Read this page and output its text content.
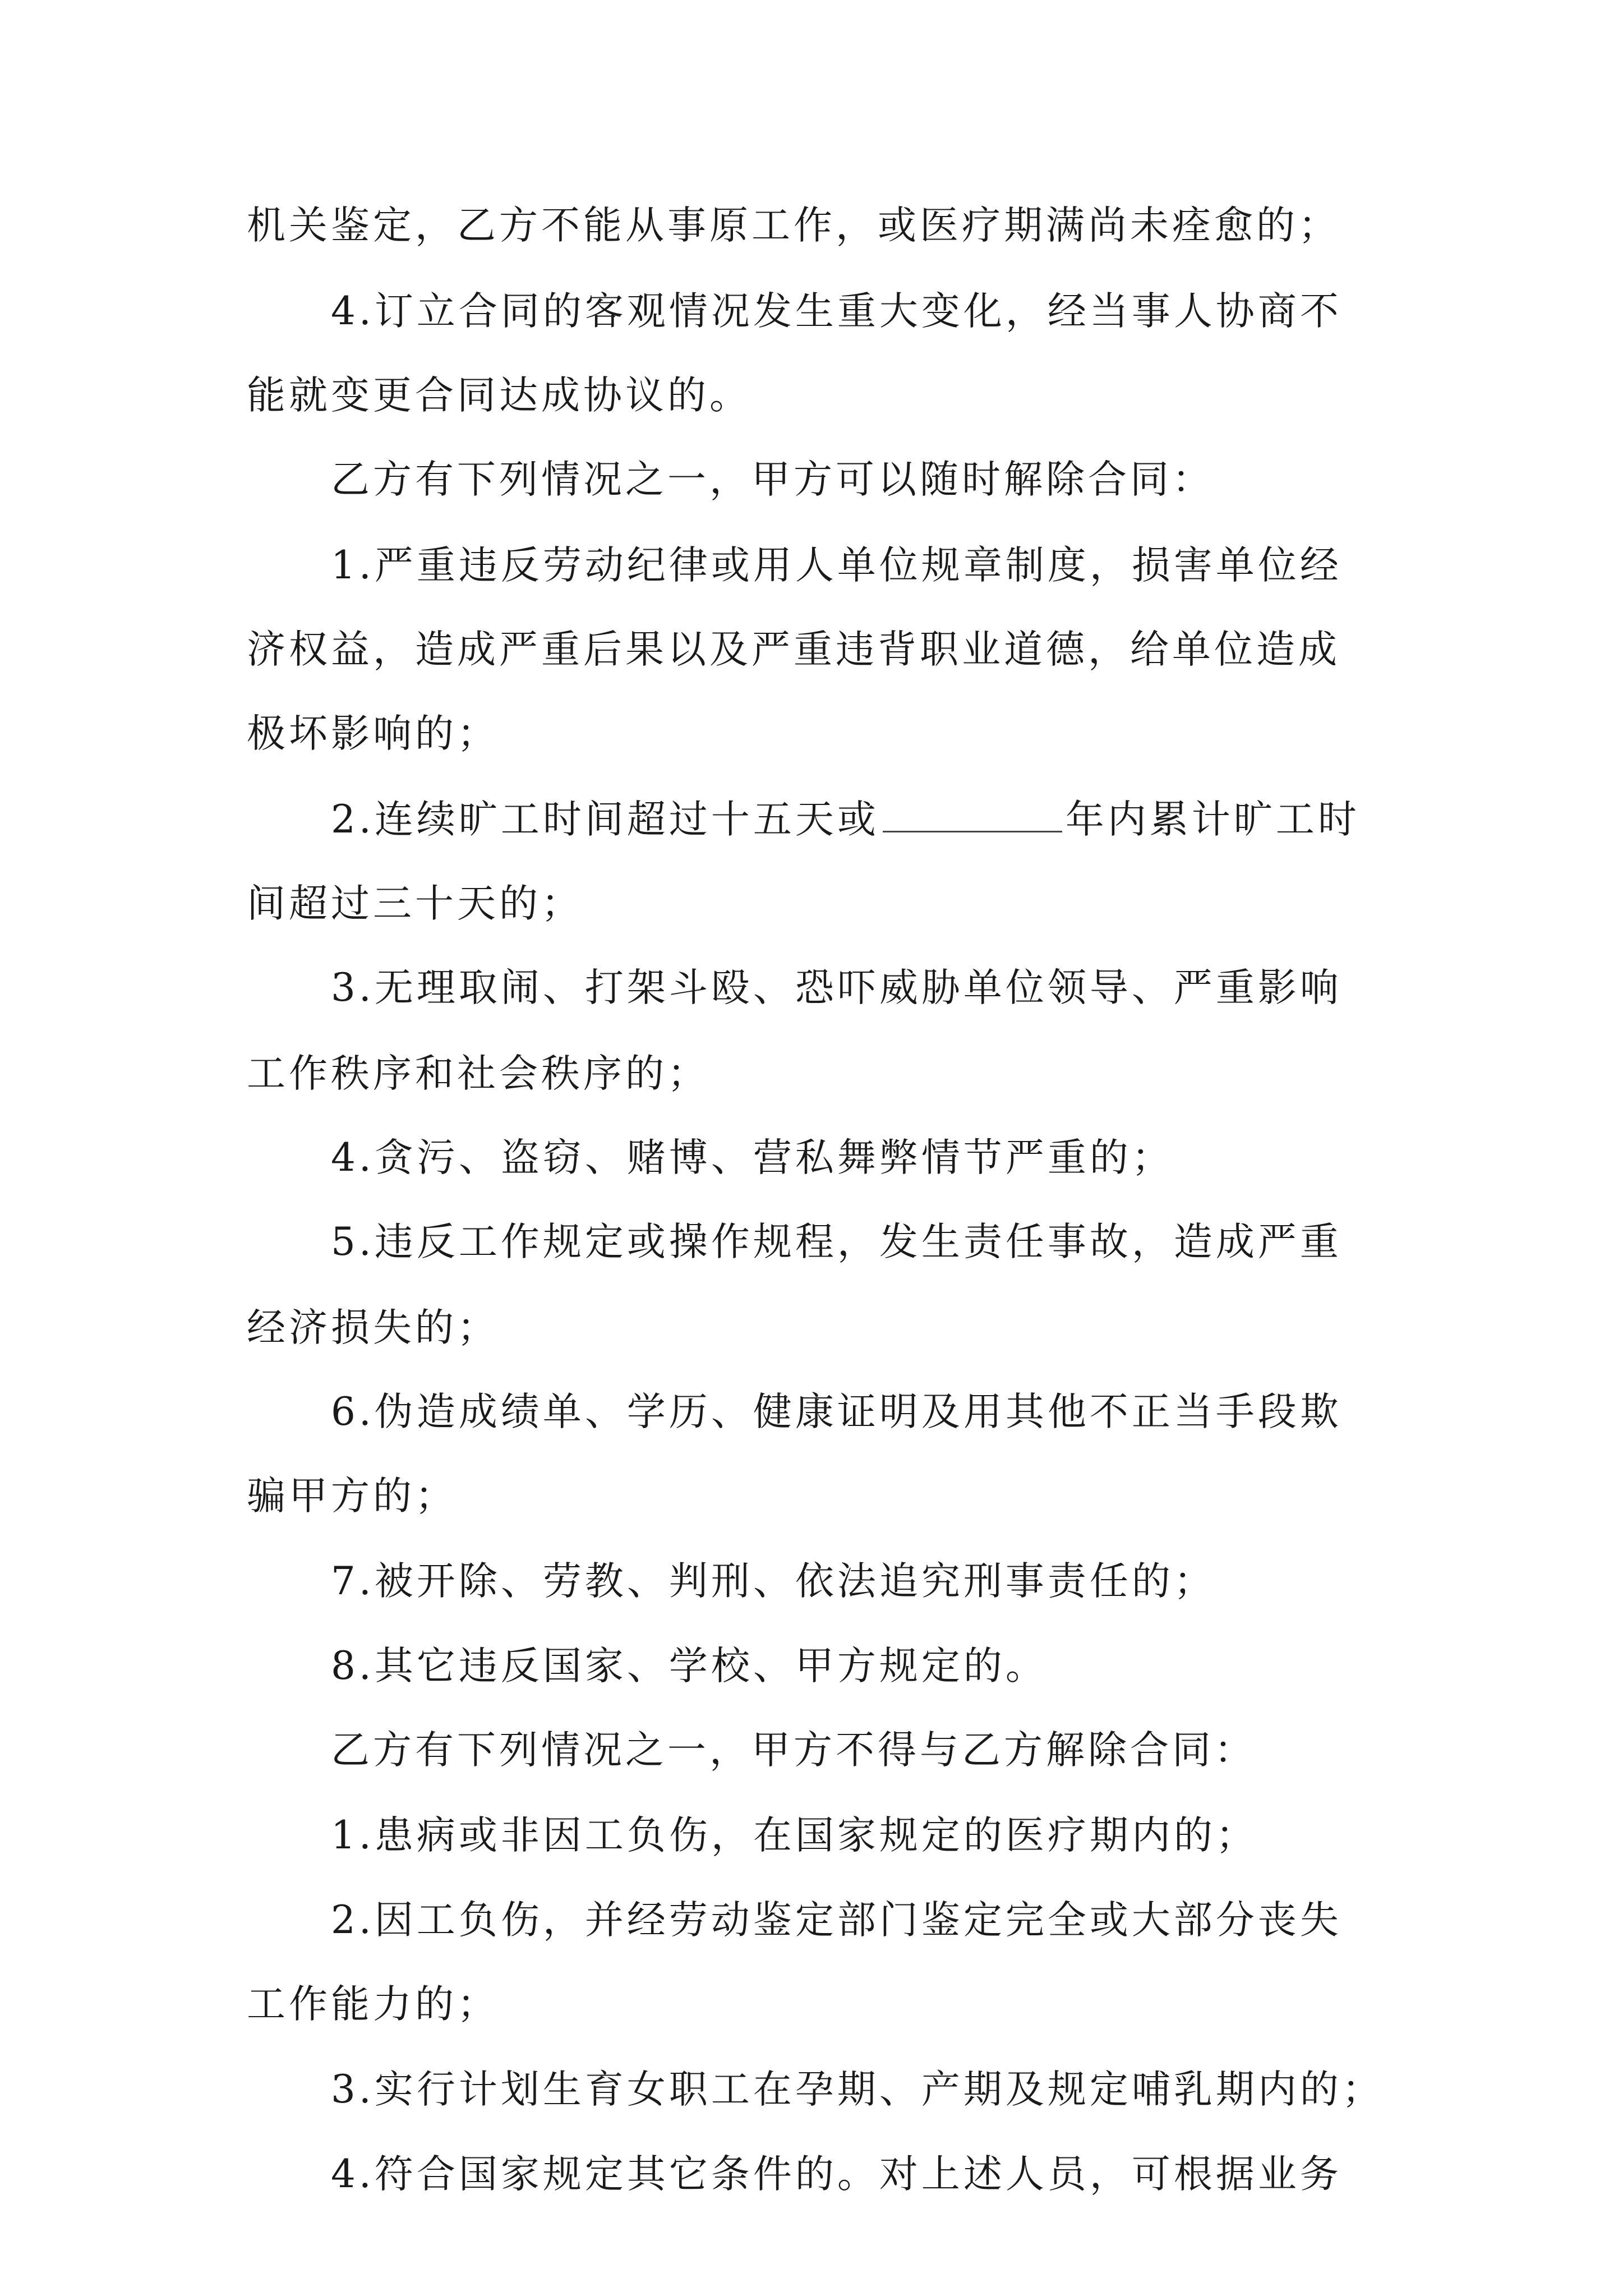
机关鉴定，乙方不能从事原工作，或医疗期满尚未痊愈的；
4.订立合同的客观情况发生重大变化，经当事人协商不
能就变更合同达成协议的。
乙方有下列情况之一，甲方可以随时解除合同：
1.严重违反劳动纪律或用人单位规章制度，损害单位经
济权益，造成严重后果以及严重违背职业道德，给单位造成
极坏影响的；
2.连续旷工时间超过十五天或	年内累计旷工时
间超过三十天的；
3.无理取闹、打架斗殴、恐吓威胁单位领导、严重影响
工作秩序和社会秩序的；
4.贪污、盗窃、赌博、营私舞弊情节严重的；
5.违反工作规定或操作规程，发生责任事故，造成严重
经济损失的；
6.伪造成绩单、学历、健康证明及用其他不正当手段欺
骗甲方的；
7.被开除、劳教、判刑、依法追究刑事责任的；
8.其它违反国家、学校、甲方规定的。
乙方有下列情况之一，甲方不得与乙方解除合同：
1.患病或非因工负伤，在国家规定的医疗期内的；
2.因工负伤，并经劳动鉴定部门鉴定完全或大部分丧失
工作能力的；
3.实行计划生育女职工在孕期、产期及规定哺乳期内的；
4.符合国家规定其它条件的。对上述人员，可根据业务
